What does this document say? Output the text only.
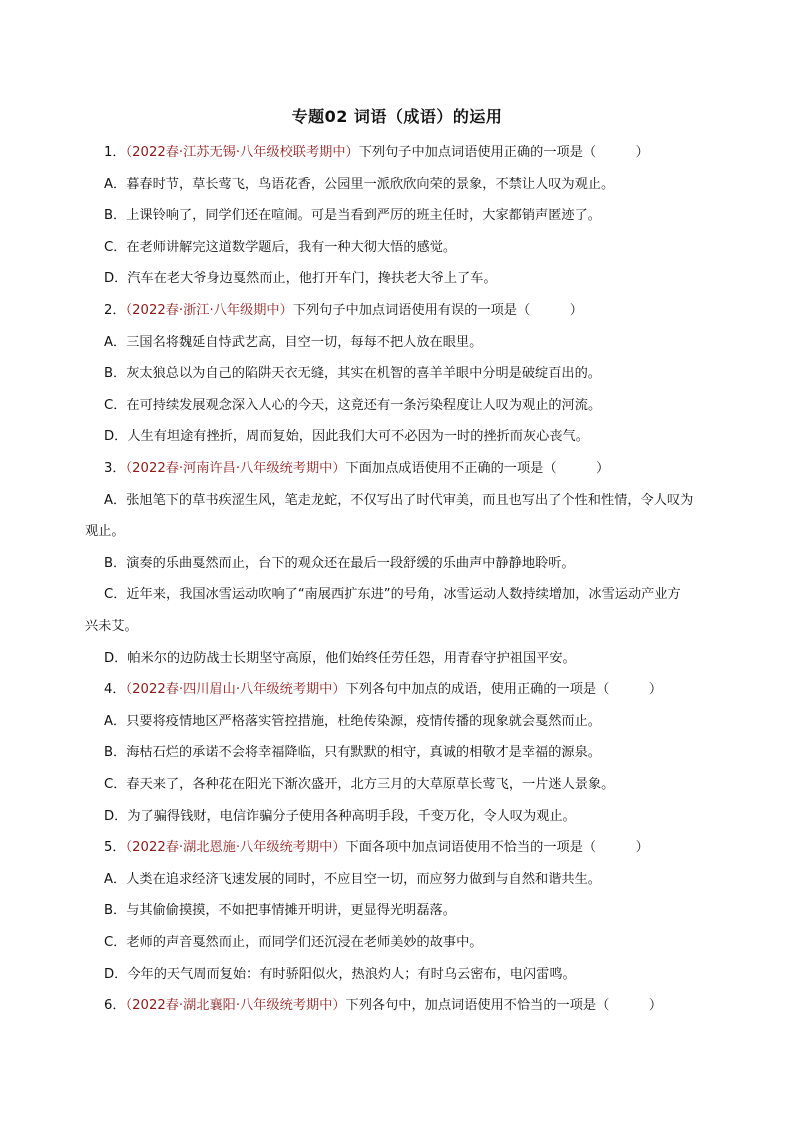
专题02 词语（成语）的运用
1．（2022春·江苏无锡·八年级校联考期中）下列句子中加点词语使用正确的一项是（　　　）
A．暮春时节，草长莺飞，鸟语花香，公园里一派欣欣向荣的景象，不禁让人叹为观止。
B．上课铃响了，同学们还在喧闹。可是当看到严厉的班主任时，大家都销声匿迹了。
C．在老师讲解完这道数学题后，我有一种大彻大悟的感觉。
D．汽车在老大爷身边戛然而止，他打开车门，搀扶老大爷上了车。
2．（2022春·浙江·八年级期中）下列句子中加点词语使用有误的一项是（　　　）
A．三国名将魏延自恃武艺高，目空一切，每每不把人放在眼里。
B．灰太狼总以为自己的陷阱天衣无缝，其实在机智的喜羊羊眼中分明是破绽百出的。
C．在可持续发展观念深入人心的今天，这竟还有一条污染程度让人叹为观止的河流。
D．人生有坦途有挫折，周而复始，因此我们大可不必因为一时的挫折而灰心丧气。
3．（2022春·河南许昌·八年级统考期中）下面加点成语使用不正确的一项是（　　　）
A．张旭笔下的草书疾涩生风，笔走龙蛇，不仅写出了时代审美，而且也写出了个性和性情，令人叹为
观止。
B．演奏的乐曲戛然而止，台下的观众还在最后一段舒缓的乐曲声中静静地聆听。
C．近年来，我国冰雪运动吹响了“南展西扩东进”的号角，冰雪运动人数持续增加，冰雪运动产业方
兴未艾。
D．帕米尔的边防战士长期坚守高原，他们始终任劳任怨，用青春守护祖国平安。
4．（2022春·四川眉山·八年级统考期中）下列各句中加点的成语，使用正确的一项是（　　　）
A．只要将疫情地区严格落实管控措施，杜绝传染源，疫情传播的现象就会戛然而止。
B．海枯石烂的承诺不会将幸福降临，只有默默的相守，真诚的相敬才是幸福的源泉。
C．春天来了，各种花在阳光下渐次盛开，北方三月的大草原草长莺飞，一片迷人景象。
D．为了骗得钱财，电信诈骗分子使用各种高明手段，千变万化，令人叹为观止。
5．（2022春·湖北恩施·八年级统考期中）下面各项中加点词语使用不恰当的一项是（　　　）
A．人类在追求经济飞速发展的同时，不应目空一切，而应努力做到与自然和谐共生。
B．与其偷偷摸摸，不如把事情摊开明讲，更显得光明磊落。
C．老师的声音戛然而止，而同学们还沉浸在老师美妙的故事中。
D．今年的天气周而复始：有时骄阳似火，热浪灼人；有时乌云密布，电闪雷鸣。
6．（2022春·湖北襄阳·八年级统考期中）下列各句中，加点词语使用不恰当的一项是（　　　）
